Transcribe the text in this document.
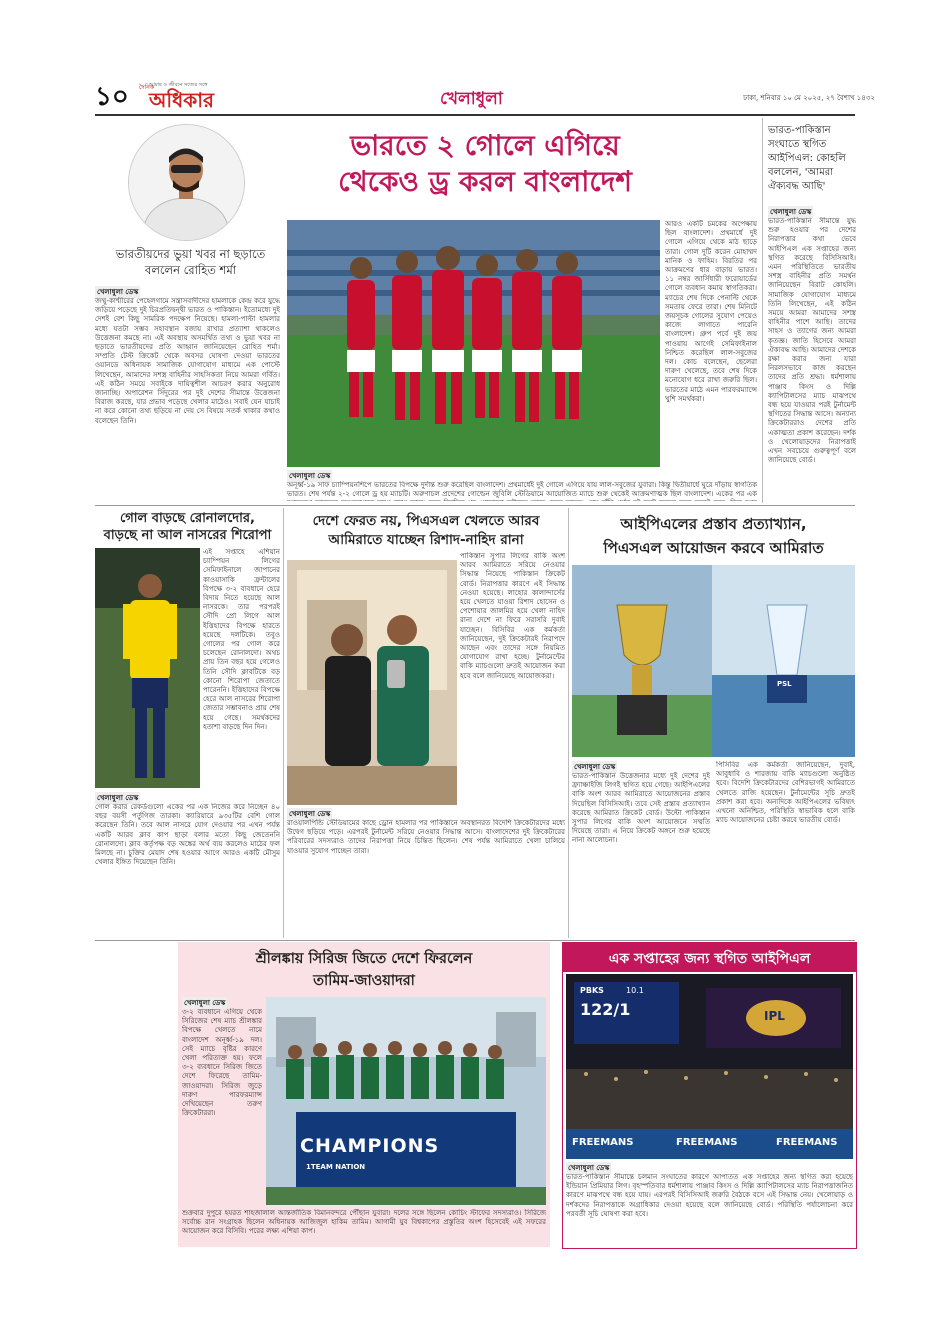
১০ দৈনিক
আমার ও জীবনে সত্যের সঙ্গে
অধিকার	খেলাধুলা	ঢাকা, শনিবার ১০ মে ২০২৫, ২৭ বৈশাখ ১৪৩২
ভারতীয়দের ভুয়া খবর না ছড়াতে বললেন রোহিত শর্মা
খেলাধুলা ডেস্ক
জম্মু-কাশ্মীরের পেহেলগামে সন্ত্রাসবাদীদের হামলাকে কেন্দ্র করে যুদ্ধে জড়িয়ে পড়েছে দুই চিরপ্রতিদ্বন্দ্বী ভারত ও পাকিস্তান। ইতোমধ্যে দুই দেশই বেশ কিছু সামরিক পদক্ষেপ নিয়েছে। হামলা-পাল্টা হামলার মধ্যে যতটা সম্ভব সহাবস্থান বজায় রাখার প্রত্যাশা থাকলেও উত্তেজনা কমছে না। এই অবস্থায় অসমর্থিত তথ্য ও ভুয়া খবর না ছড়াতে ভারতীয়দের প্রতি আহ্বান জানিয়েছেন রোহিত শর্মা। সম্প্রতি টেস্ট ক্রিকেট থেকে অবসর ঘোষণা দেওয়া ভারতের ওয়ানডে অধিনায়ক সামাজিক যোগাযোগ মাধ্যমে এক পোস্টে লিখেছেন, আমাদের সশস্ত্র বাহিনীর সাহসিকতা নিয়ে আমরা গর্বিত। এই কঠিন সময়ে সবাইকে দায়িত্বশীল আচরণ করার অনুরোধ জানাচ্ছি। অপারেশন সিঁদুরের পর দুই দেশের সীমান্তে উত্তেজনা বিরাজ করছে, যার প্রভাব পড়েছে খেলার মাঠেও। সবাই যেন যাচাই না করে কোনো তথ্য ছড়িয়ে না দেয় সে বিষয়ে সতর্ক থাকার কথাও বলেছেন তিনি।
ভারতে ২ গোলে এগিয়ে থেকেও ড্র করল বাংলাদেশ
আরও একটি চমকের অপেক্ষায় ছিল বাংলাদেশ। প্রথমার্ধে দুই গোলে এগিয়ে থেকে মাঠ ছাড়ে তারা। গোল দুটি করেন মোহাম্মদ মানিক ও ফাহিম। বিরতির পর আক্রমণের ধার বাড়ায় ভারত। ১১ নম্বর জার্সিধারী ফরোয়ার্ডের গোলে ব্যবধান কমায় স্বাগতিকরা। ম্যাচের শেষ দিকে পেনাল্টি থেকে সমতায় ফেরে তারা। শেষ মিনিটে জয়সূচক গোলের সুযোগ পেয়েও কাজে লাগাতে পারেনি বাংলাদেশ। গ্রুপ পর্বে দুই জয় পাওয়ায় আগেই সেমিফাইনাল নিশ্চিত করেছিল লাল-সবুজের দল। কোচ বলেছেন, ছেলেরা দারুণ খেলেছে, তবে শেষ দিকে মনোযোগ ধরে রাখা জরুরি ছিল। ভারতের মাঠে এমন পারফরম্যান্সে খুশি সমর্থকরা।
খেলাধুলা ডেস্ক
অনূর্ধ্ব-১৯ সাফ চ্যাম্পিয়নশিপে ভারতের বিপক্ষে দুর্দান্ত শুরু করেছিল বাংলাদেশ। প্রথমার্ধেই দুই গোলে এগিয়ে যায় লাল-সবুজের যুবারা। কিন্তু দ্বিতীয়ার্ধে ঘুরে দাঁড়ায় স্বাগতিক ভারত। শেষ পর্যন্ত ২-২ গোলে ড্র হয় ম্যাচটি। অরুণাচল প্রদেশের গোল্ডেন জুবিলি স্টেডিয়ামে আয়োজিত ম্যাচে শুরু থেকেই আক্রমণাত্মক ছিল বাংলাদেশ। একের পর এক
ভারত-পাকিস্তান সংঘাতে স্থগিত আইপিএল: কোহলি বললেন, 'আমরা ঐক্যবদ্ধ আছি'
খেলাধুলা ডেস্ক
ভারত-পাকিস্তান সীমান্তে যুদ্ধ শুরু হওয়ার পর দেশের নিরাপত্তার কথা ভেবে আইপিএল এক সপ্তাহের জন্য স্থগিত করেছে বিসিসিআই। এমন পরিস্থিতিতে ভারতীয় সশস্ত্র বাহিনীর প্রতি সমর্থন জানিয়েছেন বিরাট কোহলি। সামাজিক যোগাযোগ মাধ্যমে তিনি লিখেছেন, এই কঠিন সময়ে আমরা আমাদের সশস্ত্র বাহিনীর পাশে আছি। তাদের সাহস ও ত্যাগের জন্য আমরা কৃতজ্ঞ। জাতি হিসেবে আমরা ঐক্যবদ্ধ আছি। আমাদের দেশকে রক্ষা করার জন্য যারা নিরলসভাবে কাজ করছেন তাদের প্রতি শ্রদ্ধা। ধর্মশালায় পাঞ্জাব কিংস ও দিল্লি ক্যাপিটালসের ম্যাচ মাঝপথে বন্ধ হয়ে যাওয়ার পরই টুর্নামেন্ট স্থগিতের সিদ্ধান্ত আসে। অন্যান্য ক্রিকেটাররাও দেশের প্রতি একাত্মতা প্রকাশ করেছেন। দর্শক ও খেলোয়াড়দের নিরাপত্তাই এখন সবচেয়ে গুরুত্বপূর্ণ বলে জানিয়েছে বোর্ড।
গোল বাড়ছে রোনালদোর,
বাড়ছে না আল নাসরের শিরোপা
এই সপ্তাহে এশিয়ান চ্যাম্পিয়ন লিগের সেমিফাইনালে জাপানের কাওয়াসাকি ফ্রন্টালের বিপক্ষে ৩-২ ব্যবধানে হেরে বিদায় নিতে হয়েছে আল নাসরকে। তার পরপরই সৌদি প্রো লিগে আল ইত্তিহাদের বিপক্ষে হারতে হয়েছে দলটিকে। তবুও গোলের পর গোল করে চলেছেন রোনালদো। অথচ প্রায় তিন বছর হয়ে গেলেও তিনি সৌদি ক্লাবটিকে বড় কোনো শিরোপা জেতাতে পারেননি। ইত্তিহাদের বিপক্ষে হেরে আল নাসরের শিরোপা জেতার সম্ভাবনাও প্রায় শেষ হয়ে গেছে। সমর্থকদের হতাশা বাড়ছে দিন দিন।
খেলাধুলা ডেস্ক
গোল করার রেকর্ডগুলো একের পর এক নিজের করে নিচ্ছেন ৪০ বছর বয়সী পর্তুগিজ তারকা। ক্যারিয়ারে ৯৩৫টির বেশি গোল করেছেন তিনি। তবে আল নাসরে যোগ দেওয়ার পর এখন পর্যন্ত একটি আরব ক্লাব কাপ ছাড়া বলার মতো কিছু জেতেননি রোনালদো। ক্লাব কর্তৃপক্ষ বড় অঙ্কের অর্থ ব্যয় করলেও মাঠের ফল মিলছে না। চুক্তির মেয়াদ শেষ হওয়ার আগে আরও একটি মৌসুম খেলার ইঙ্গিত দিয়েছেন তিনি।
দেশে ফেরত নয়, পিএসএল খেলতে আরব
আমিরাতে যাচ্ছেন রিশাদ-নাহিদ রানা
পাকিস্তান সুপার লিগের বাকি অংশ আরব আমিরাতে সরিয়ে নেওয়ার সিদ্ধান্ত নিয়েছে পাকিস্তান ক্রিকেট বোর্ড। নিরাপত্তার কারণে এই সিদ্ধান্ত নেওয়া হয়েছে। লাহোর কালান্দার্সের হয়ে খেলতে যাওয়া রিশাদ হোসেন ও পেশোয়ার জালমির হয়ে খেলা নাহিদ রানা দেশে না ফিরে সরাসরি দুবাই যাচ্ছেন। বিসিবির এক কর্মকর্তা জানিয়েছেন, দুই ক্রিকেটারই নিরাপদে আছেন এবং তাদের সঙ্গে নিয়মিত যোগাযোগ রাখা হচ্ছে। টুর্নামেন্টের বাকি ম্যাচগুলো দ্রুতই আয়োজন করা হবে বলে জানিয়েছে আয়োজকরা।
খেলাধুলা ডেস্ক
রাওয়ালপিন্ডি স্টেডিয়ামের কাছে ড্রোন হামলার পর পাকিস্তানে অবস্থানরত বিদেশি ক্রিকেটারদের মধ্যে উদ্বেগ ছড়িয়ে পড়ে। এরপরই টুর্নামেন্ট সরিয়ে নেওয়ার সিদ্ধান্ত আসে। বাংলাদেশের দুই ক্রিকেটারের পরিবারের সদস্যরাও তাদের নিরাপত্তা নিয়ে চিন্তিত ছিলেন। শেষ পর্যন্ত আমিরাতে খেলা চালিয়ে যাওয়ার সুযোগ পাচ্ছেন তারা।
আইপিএলের প্রস্তাব প্রত্যাখ্যান,
পিএসএল আয়োজন করবে আমিরাত
PSL
খেলাধুলা ডেস্ক
ভারত-পাকিস্তান উত্তেজনার মধ্যে দুই দেশের দুই ফ্র্যাঞ্চাইজি লিগই স্থগিত হয়ে গেছে। আইপিএলের বাকি অংশ আরব আমিরাতে আয়োজনের প্রস্তাব দিয়েছিল বিসিসিআই। তবে সেই প্রস্তাব প্রত্যাখ্যান করেছে আমিরাত ক্রিকেট বোর্ড। উল্টো পাকিস্তান সুপার লিগের বাকি অংশ আয়োজনে সম্মতি দিয়েছে তারা। এ নিয়ে ক্রিকেট অঙ্গনে শুরু হয়েছে নানা আলোচনা।
পিসিবির এক কর্মকর্তা জানিয়েছেন, দুবাই, আবুধাবি ও শারজায় বাকি ম্যাচগুলো অনুষ্ঠিত হবে। বিদেশি ক্রিকেটারদের বেশিরভাগই আমিরাতে খেলতে রাজি হয়েছেন। টুর্নামেন্টের সূচি দ্রুতই প্রকাশ করা হবে। অন্যদিকে আইপিএলের ভবিষ্যৎ এখনো অনিশ্চিত, পরিস্থিতি স্বাভাবিক হলে বাকি ম্যাচ আয়োজনের চেষ্টা করবে ভারতীয় বোর্ড।
শ্রীলঙ্কায় সিরিজ জিতে দেশে ফিরলেন
তামিম-জাওয়াদরা
খেলাধুলা ডেস্ক
৩-২ ব্যবধানে এগিয়ে থেকে সিরিজের শেষ ম্যাচ শ্রীলঙ্কার বিপক্ষে খেলতে নামে বাংলাদেশ অনূর্ধ্ব-১৯ দল। সেই ম্যাচে বৃষ্টির কারণে খেলা পরিত্যক্ত হয়। ফলে ৩-২ ব্যবধানে সিরিজ জিতে দেশে ফিরেছে তামিম-জাওয়াদরা। সিরিজ জুড়ে দারুণ পারফরম্যান্স দেখিয়েছেন তরুণ ক্রিকেটাররা।
CHAMPIONS
1TEAM NATION
শুক্রবার দুপুরে হযরত শাহজালাল আন্তর্জাতিক বিমানবন্দরে পৌঁছান যুবারা। দলের সঙ্গে ছিলেন কোচিং স্টাফের সদস্যরাও। সিরিজে সর্বোচ্চ রান সংগ্রাহক ছিলেন অধিনায়ক আজিজুল হাকিম তামিম। আগামী যুব বিশ্বকাপের প্রস্তুতির অংশ হিসেবেই এই সফরের আয়োজন করে বিসিবি। পরের লক্ষ্য এশিয়া কাপ।
এক সপ্তাহের জন্য স্থগিত আইপিএল
PBKS	10.1
122/1	IPL
FREEMANS	FREEMANS	FREEMANS
খেলাধুলা ডেস্ক
ভারত-পাকিস্তান সীমান্তে চলমান সংঘাতের কারণে আপাতত এক সপ্তাহের জন্য স্থগিত করা হয়েছে ইন্ডিয়ান প্রিমিয়ার লিগ। বৃহস্পতিবার ধর্মশালায় পাঞ্জাব কিংস ও দিল্লি ক্যাপিটালসের ম্যাচ নিরাপত্তাজনিত কারণে মাঝপথে বন্ধ হয়ে যায়। এরপরই বিসিসিআই জরুরি বৈঠকে বসে এই সিদ্ধান্ত নেয়। খেলোয়াড় ও দর্শকদের নিরাপত্তাকে অগ্রাধিকার দেওয়া হয়েছে বলে জানিয়েছে বোর্ড। পরিস্থিতি পর্যালোচনা করে পরবর্তী সূচি ঘোষণা করা হবে।
